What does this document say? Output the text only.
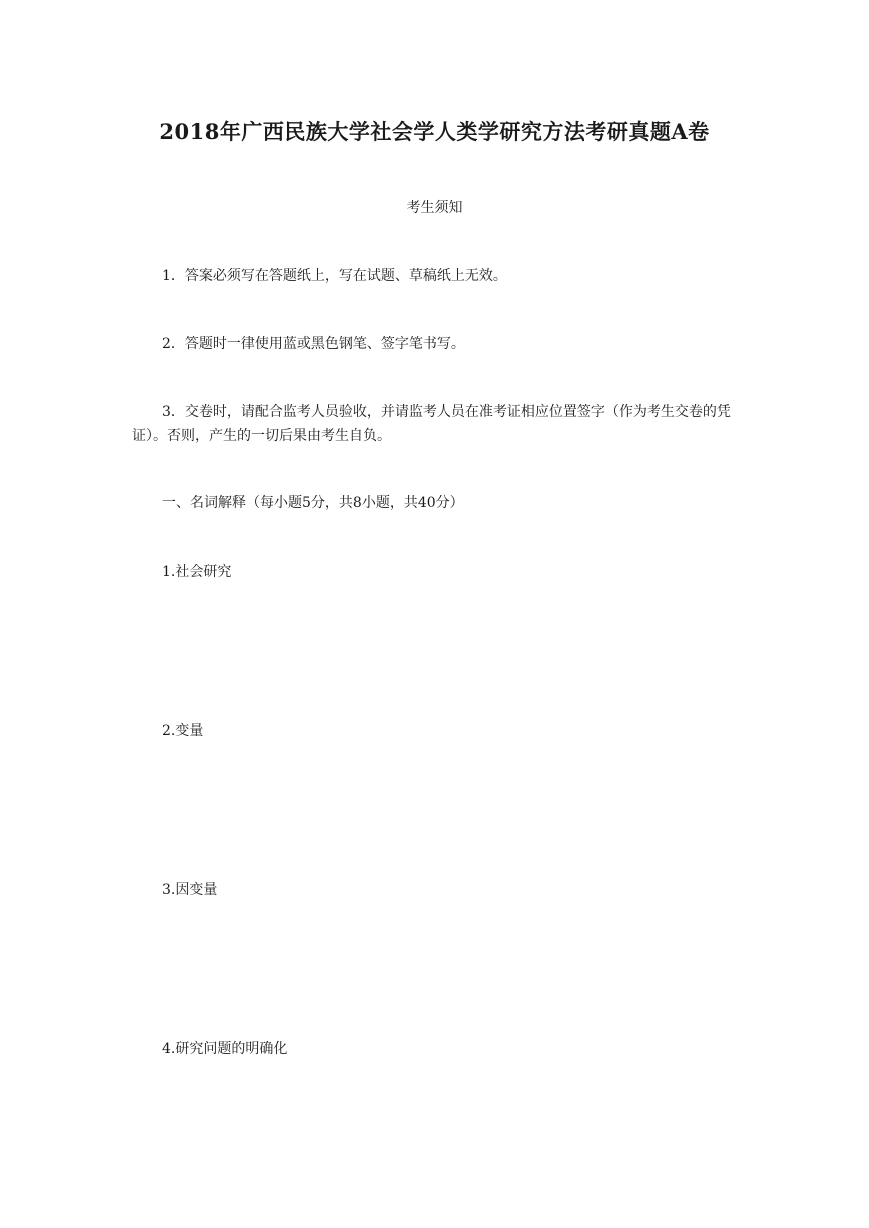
2018年广西民族大学社会学人类学研究方法考研真题A卷

考生须知

1．答案必须写在答题纸上，写在试题、草稿纸上无效。

2．答题时一律使用蓝或黑色钢笔、签字笔书写。

3．交卷时，请配合监考人员验收，并请监考人员在准考证相应位置签字（作为考生交卷的凭证）。否则，产生的一切后果由考生自负。

一、名词解释（每小题5分，共8小题，共40分）

1.社会研究

2.变量

3.因变量

4.研究问题的明确化
